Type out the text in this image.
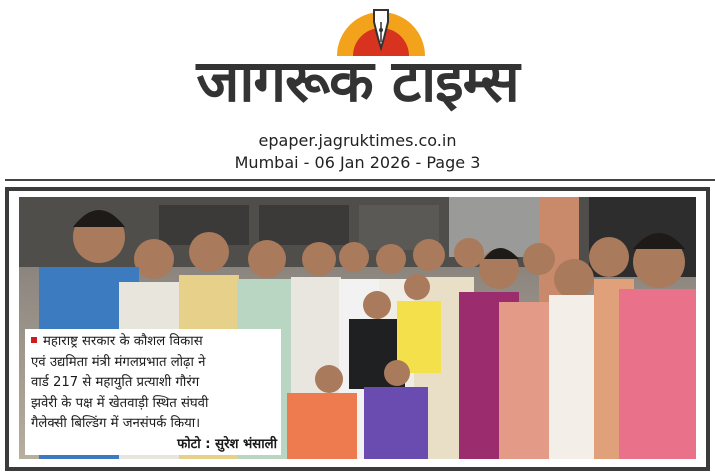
जागरूक टाइम्स
epaper.jagruktimes.co.in
Mumbai - 06 Jan 2026 - Page 3
महाराष्ट्र सरकार के कौशल विकास
एवं उद्यमिता मंत्री मंगलप्रभात लोढ़ा ने
वार्ड 217 से महायुति प्रत्याशी गौरंग
झवेरी के पक्ष में खेतवाड़ी स्थित संघवी
गैलेक्सी बिल्डिंग में जनसंपर्क किया।
फोटो : सुरेश भंसाली
